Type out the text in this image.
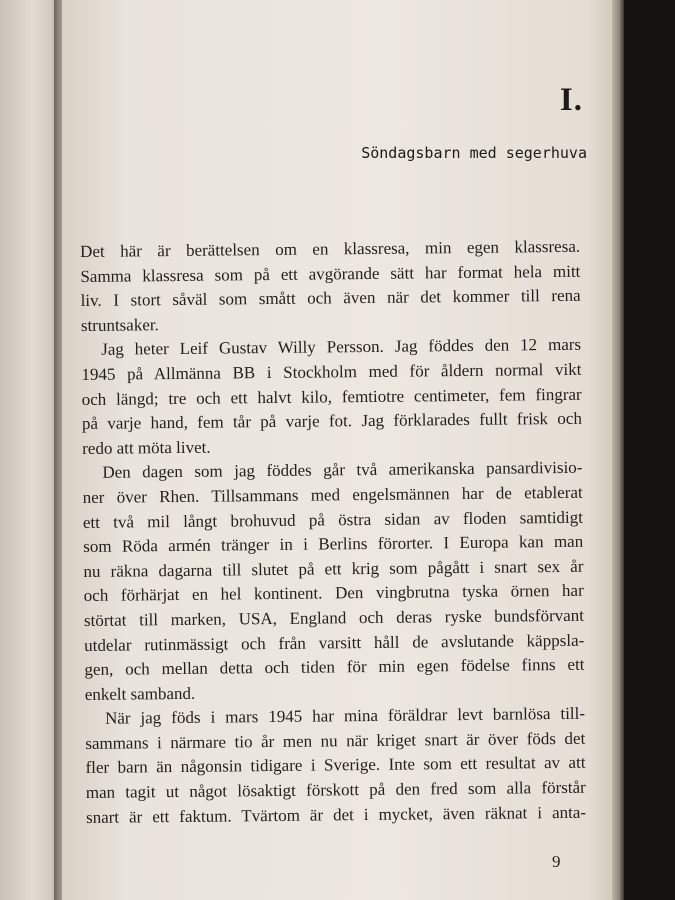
I.
Söndagsbarn med segerhuva
Det här är berättelsen om en klassresa, min egen klassresa.
Samma klassresa som på ett avgörande sätt har format hela mitt
liv. I stort såväl som smått och även när det kommer till rena
struntsaker.
Jag heter Leif Gustav Willy Persson. Jag föddes den 12 mars
1945 på Allmänna BB i Stockholm med för åldern normal vikt
och längd; tre och ett halvt kilo, femtiotre centimeter, fem fingrar
på varje hand, fem tår på varje fot. Jag förklarades fullt frisk och
redo att möta livet.
Den dagen som jag föddes går två amerikanska pansardivisio-
ner över Rhen. Tillsammans med engelsmännen har de etablerat
ett två mil långt brohuvud på östra sidan av floden samtidigt
som Röda armén tränger in i Berlins förorter. I Europa kan man
nu räkna dagarna till slutet på ett krig som pågått i snart sex år
och förhärjat en hel kontinent. Den vingbrutna tyska örnen har
störtat till marken, USA, England och deras ryske bundsförvant
utdelar rutinmässigt och från varsitt håll de avslutande käppsla-
gen, och mellan detta och tiden för min egen födelse finns ett
enkelt samband.
När jag föds i mars 1945 har mina föräldrar levt barnlösa till-
sammans i närmare tio år men nu när kriget snart är över föds det
fler barn än någonsin tidigare i Sverige. Inte som ett resultat av att
man tagit ut något lösaktigt förskott på den fred som alla förstår
snart är ett faktum. Tvärtom är det i mycket, även räknat i anta-
9
